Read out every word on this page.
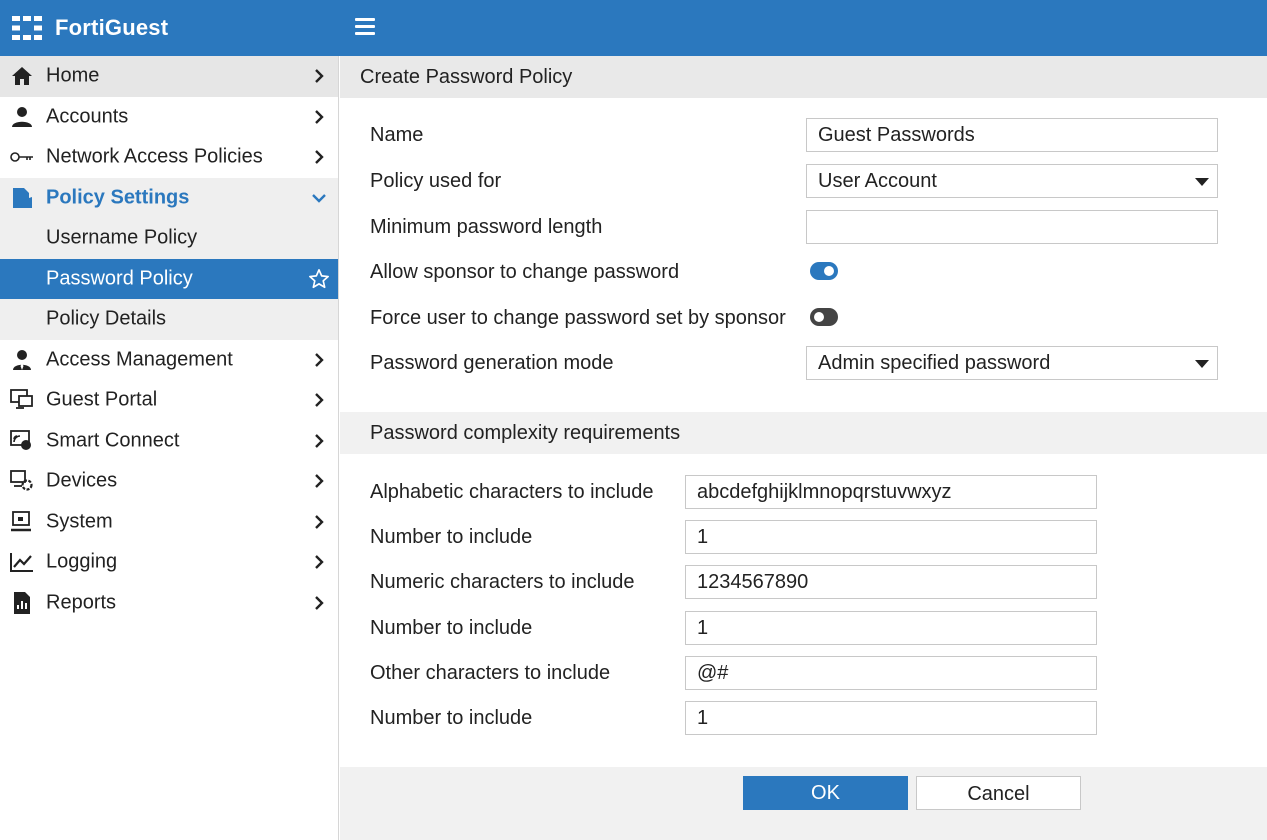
FortiGuest
Home
Accounts
Network Access Policies
Policy Settings
Username Policy
Password Policy
Policy Details
Access Management
Guest Portal
Smart Connect
Devices
System
Logging
Reports
Create Password Policy
Name	Guest Passwords
Policy used for	User Account
Minimum password length
Allow sponsor to change password
Force user to change password set by sponsor
Password generation mode	Admin specified password
Password complexity requirements
Alphabetic characters to include	abcdefghijklmnopqrstuvwxyz
Number to include	1
Numeric characters to include	1234567890
Number to include	1
Other characters to include	@#
Number to include	1
OK	Cancel
